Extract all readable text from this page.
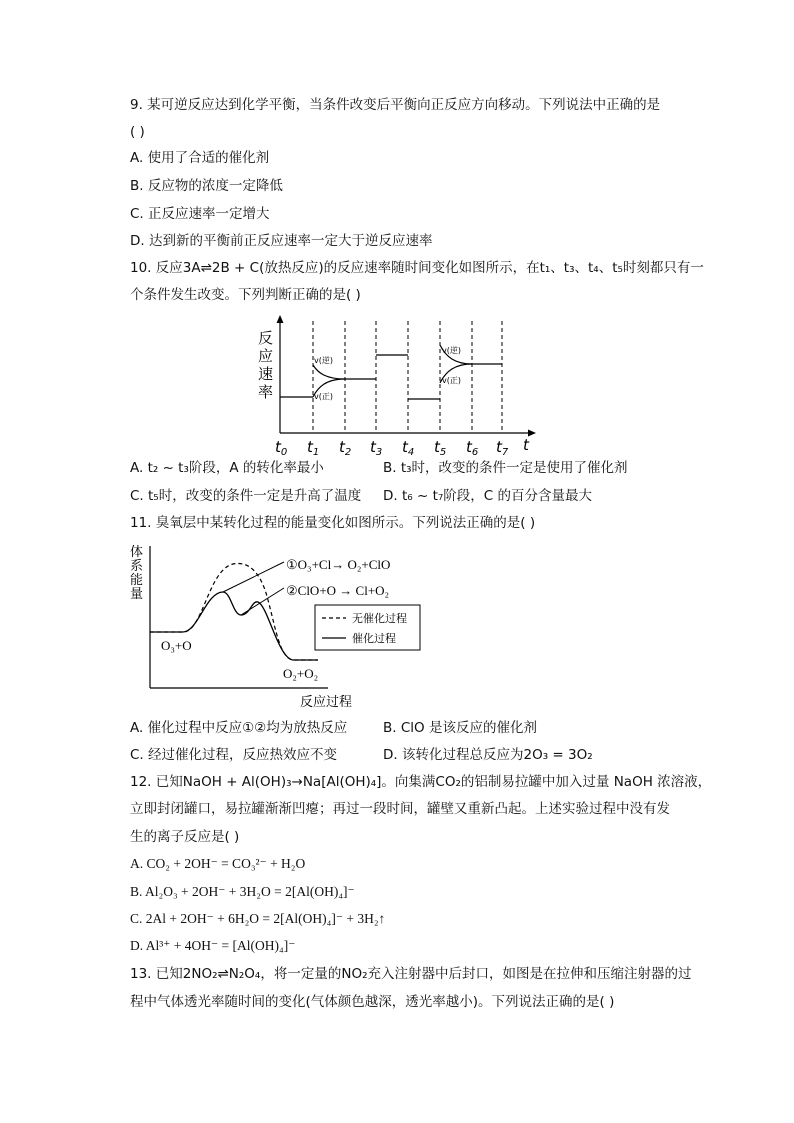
9. 某可逆反应达到化学平衡，当条件改变后平衡向正反应方向移动。下列说法中正确的是
( )
A. 使用了合适的催化剂
B. 反应物的浓度一定降低
C. 正反应速率一定增大
D. 达到新的平衡前正反应速率一定大于逆反应速率
10. 反应3A⇌2B + C(放热反应)的反应速率随时间变化如图所示，在t₁、t₃、t₄、t₅时刻都只有一
个条件发生改变。下列判断正确的是( )
反
应
速
率
v(逆)
v(正)
v(逆)
v(正)
$t_0$ $t_1$ $t_2$ $t_3$ $t_4$ $t_5$ $t_6$ $t_7$ t
A. t₂ ~ t₃阶段，A 的转化率最小	B. t₃时，改变的条件一定是使用了催化剂
C. t₅时，改变的条件一定是升高了温度 D. t₆ ~ t₇阶段，C 的百分含量最大
11. 臭氧层中某转化过程的能量变化如图所示。下列说法正确的是( )
体
系
能
量
①O₃+Cl→ O₂+ClO
②ClO+O → Cl+O₂
无催化过程
催化过程
O₃+O
O₂+O₂
反应过程
A. 催化过程中反应①②均为放热反应	B. ClO 是该反应的催化剂
C. 经过催化过程，反应热效应不变	D. 该转化过程总反应为2O₃ = 3O₂
12. 已知NaOH + Al(OH)₃→Na[Al(OH)₄]。向集满CO₂的铝制易拉罐中加入过量 NaOH 浓溶液，
立即封闭罐口，易拉罐渐渐凹瘪；再过一段时间，罐壁又重新凸起。上述实验过程中没有发
生的离子反应是( )
A. CO₂ + 2OH⁻ = CO₃²⁻ + H₂O
B. Al₂O₃ + 2OH⁻ + 3H₂O = 2[Al(OH)₄]⁻
C. 2Al + 2OH⁻ + 6H₂O = 2[Al(OH)₄]⁻ + 3H₂↑
D. Al³⁺ + 4OH⁻ = [Al(OH)₄]⁻
13. 已知2NO₂⇌N₂O₄，将一定量的NO₂充入注射器中后封口，如图是在拉伸和压缩注射器的过
程中气体透光率随时间的变化(气体颜色越深，透光率越小)。下列说法正确的是( )
